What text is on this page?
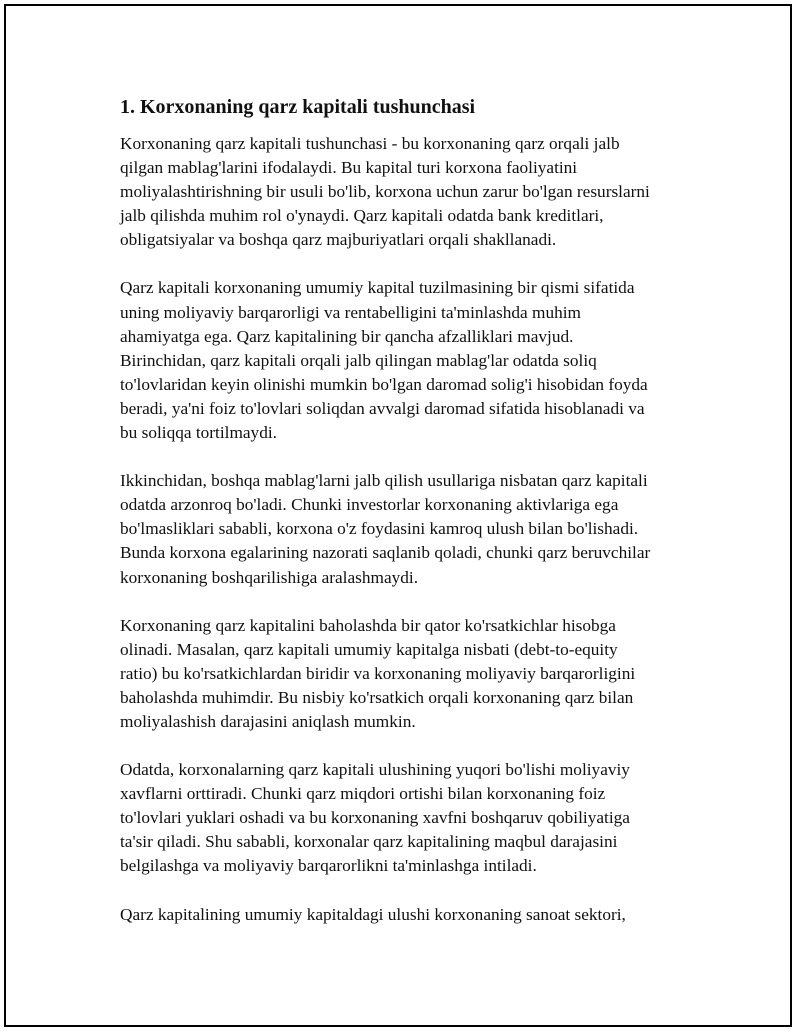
1. Korxonaning qarz kapitali tushunchasi

Korxonaning qarz kapitali tushunchasi - bu korxonaning qarz orqali jalb
qilgan mablag'larini ifodalaydi. Bu kapital turi korxona faoliyatini
moliyalashtirishning bir usuli bo'lib, korxona uchun zarur bo'lgan resurslarni
jalb qilishda muhim rol o'ynaydi. Qarz kapitali odatda bank kreditlari,
obligatsiyalar va boshqa qarz majburiyatlari orqali shakllanadi.

Qarz kapitali korxonaning umumiy kapital tuzilmasining bir qismi sifatida
uning moliyaviy barqarorligi va rentabelligini ta'minlashda muhim
ahamiyatga ega. Qarz kapitalining bir qancha afzalliklari mavjud.
Birinchidan, qarz kapitali orqali jalb qilingan mablag'lar odatda soliq
to'lovlaridan keyin olinishi mumkin bo'lgan daromad solig'i hisobidan foyda
beradi, ya'ni foiz to'lovlari soliqdan avvalgi daromad sifatida hisoblanadi va
bu soliqqa tortilmaydi.

Ikkinchidan, boshqa mablag'larni jalb qilish usullariga nisbatan qarz kapitali
odatda arzonroq bo'ladi. Chunki investorlar korxonaning aktivlariga ega
bo'lmasliklari sababli, korxona o'z foydasini kamroq ulush bilan bo'lishadi.
Bunda korxona egalarining nazorati saqlanib qoladi, chunki qarz beruvchilar
korxonaning boshqarilishiga aralashmaydi.

Korxonaning qarz kapitalini baholashda bir qator ko'rsatkichlar hisobga
olinadi. Masalan, qarz kapitali umumiy kapitalga nisbati (debt-to-equity
ratio) bu ko'rsatkichlardan biridir va korxonaning moliyaviy barqarorligini
baholashda muhimdir. Bu nisbiy ko'rsatkich orqali korxonaning qarz bilan
moliyalashish darajasini aniqlash mumkin.

Odatda, korxonalarning qarz kapitali ulushining yuqori bo'lishi moliyaviy
xavflarni orttiradi. Chunki qarz miqdori ortishi bilan korxonaning foiz
to'lovlari yuklari oshadi va bu korxonaning xavfni boshqaruv qobiliyatiga
ta'sir qiladi. Shu sababli, korxonalar qarz kapitalining maqbul darajasini
belgilashga va moliyaviy barqarorlikni ta'minlashga intiladi.

Qarz kapitalining umumiy kapitaldagi ulushi korxonaning sanoat sektori,
